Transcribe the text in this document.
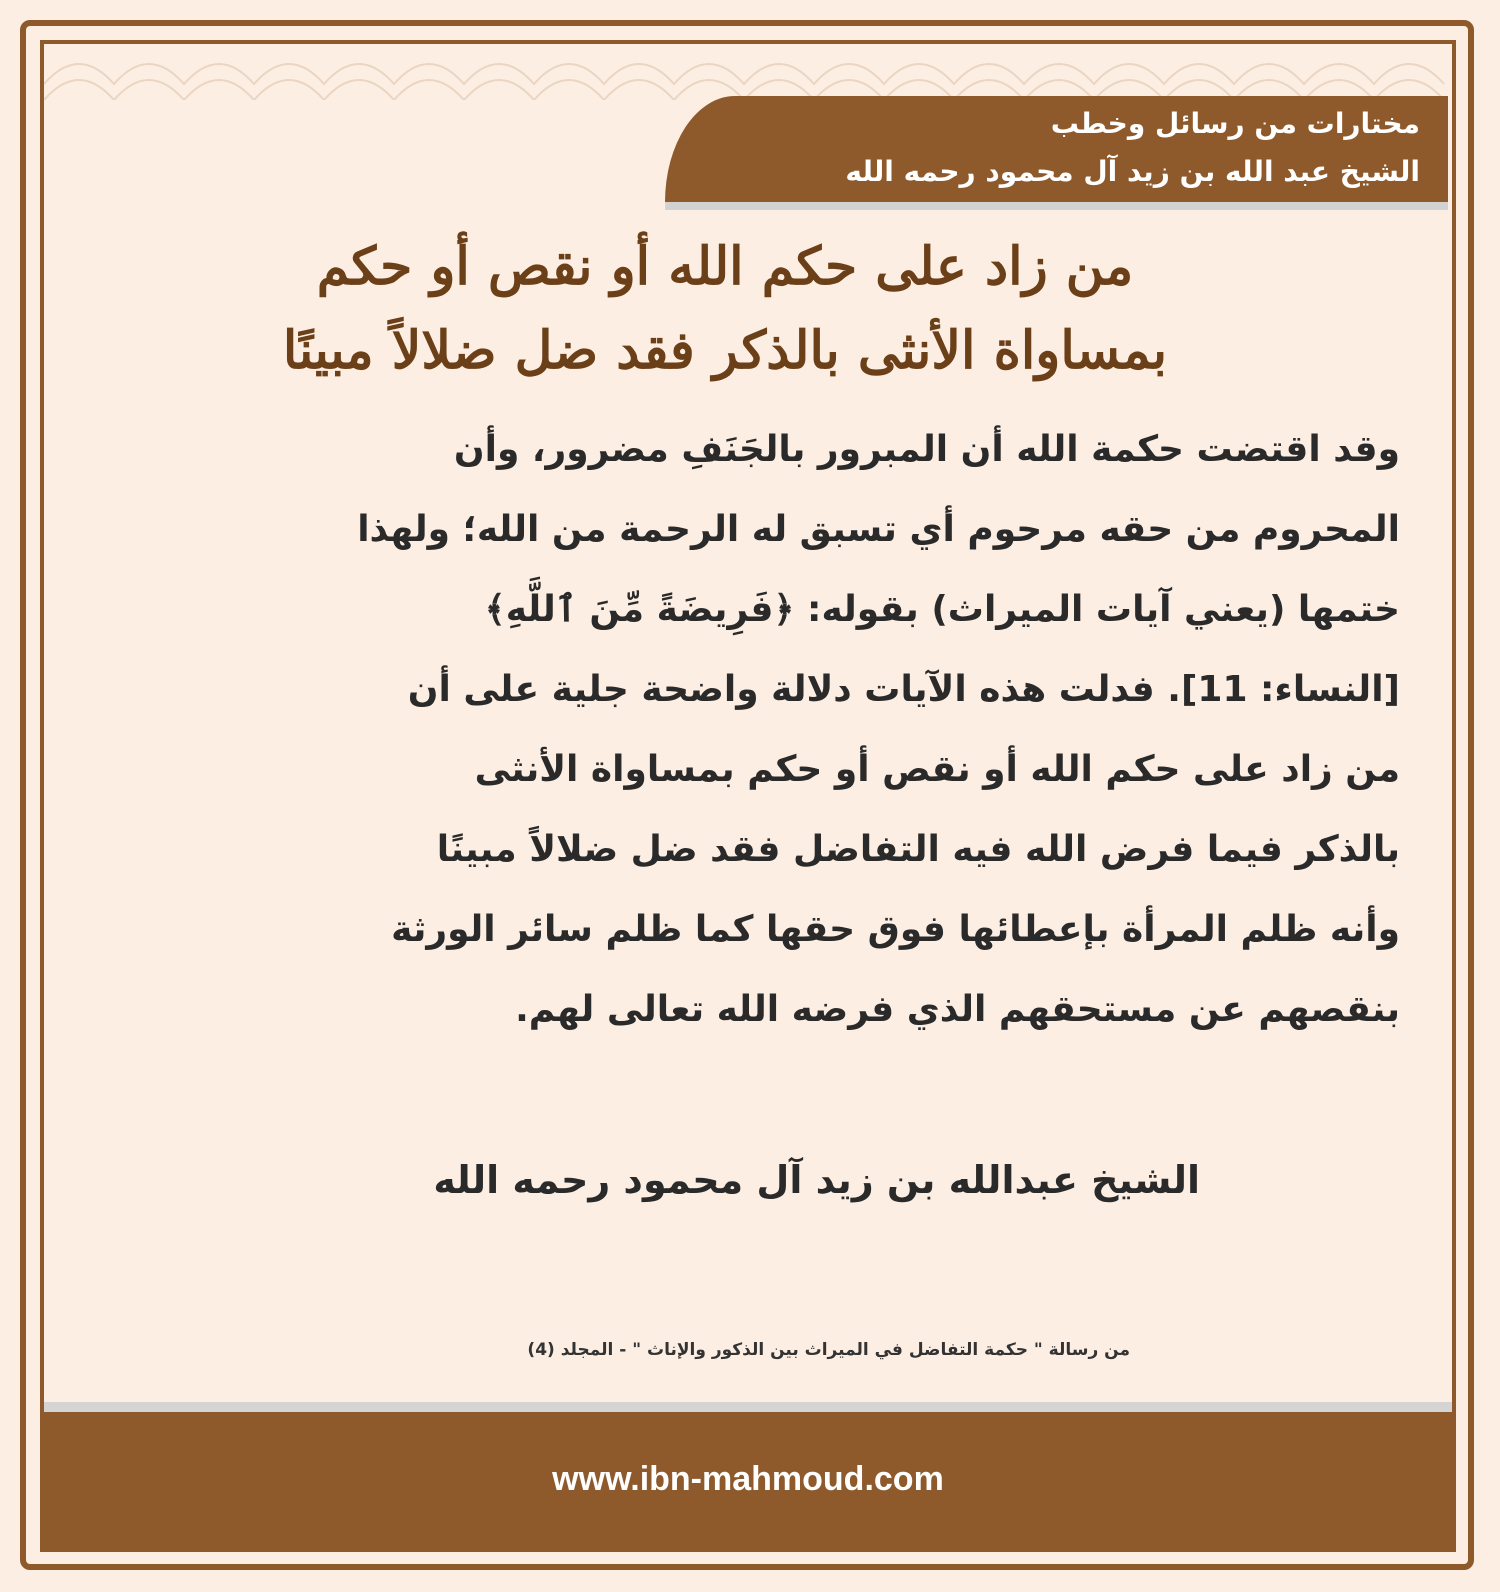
مختارات من رسائل وخطب
الشيخ عبد الله بن زيد آل محمود رحمه الله
من زاد على حكم الله أو نقص أو حكم
بمساواة الأنثى بالذكر فقد ضل ضلالاً مبينًا
وقد اقتضت حكمة الله أن المبرور بالجَنَفِ مضرور، وأن
المحروم من حقه مرحوم أي تسبق له الرحمة من الله؛ ولهذا
ختمها (يعني آيات الميراث) بقوله: ﴿فَرِيضَةً مِّنَ ٱللَّهِ﴾
[النساء: 11]. فدلت هذه الآيات دلالة واضحة جلية على أن
من زاد على حكم الله أو نقص أو حكم بمساواة الأنثى
بالذكر فيما فرض الله فيه التفاضل فقد ضل ضلالاً مبينًا
وأنه ظلم المرأة بإعطائها فوق حقها كما ظلم سائر الورثة
بنقصهم عن مستحقهم الذي فرضه الله تعالى لهم.
الشيخ عبدالله بن زيد آل محمود رحمه الله
من رسالة " حكمة التفاضل في الميراث بين الذكور والإناث " - المجلد (4)
www.ibn-mahmoud.com
